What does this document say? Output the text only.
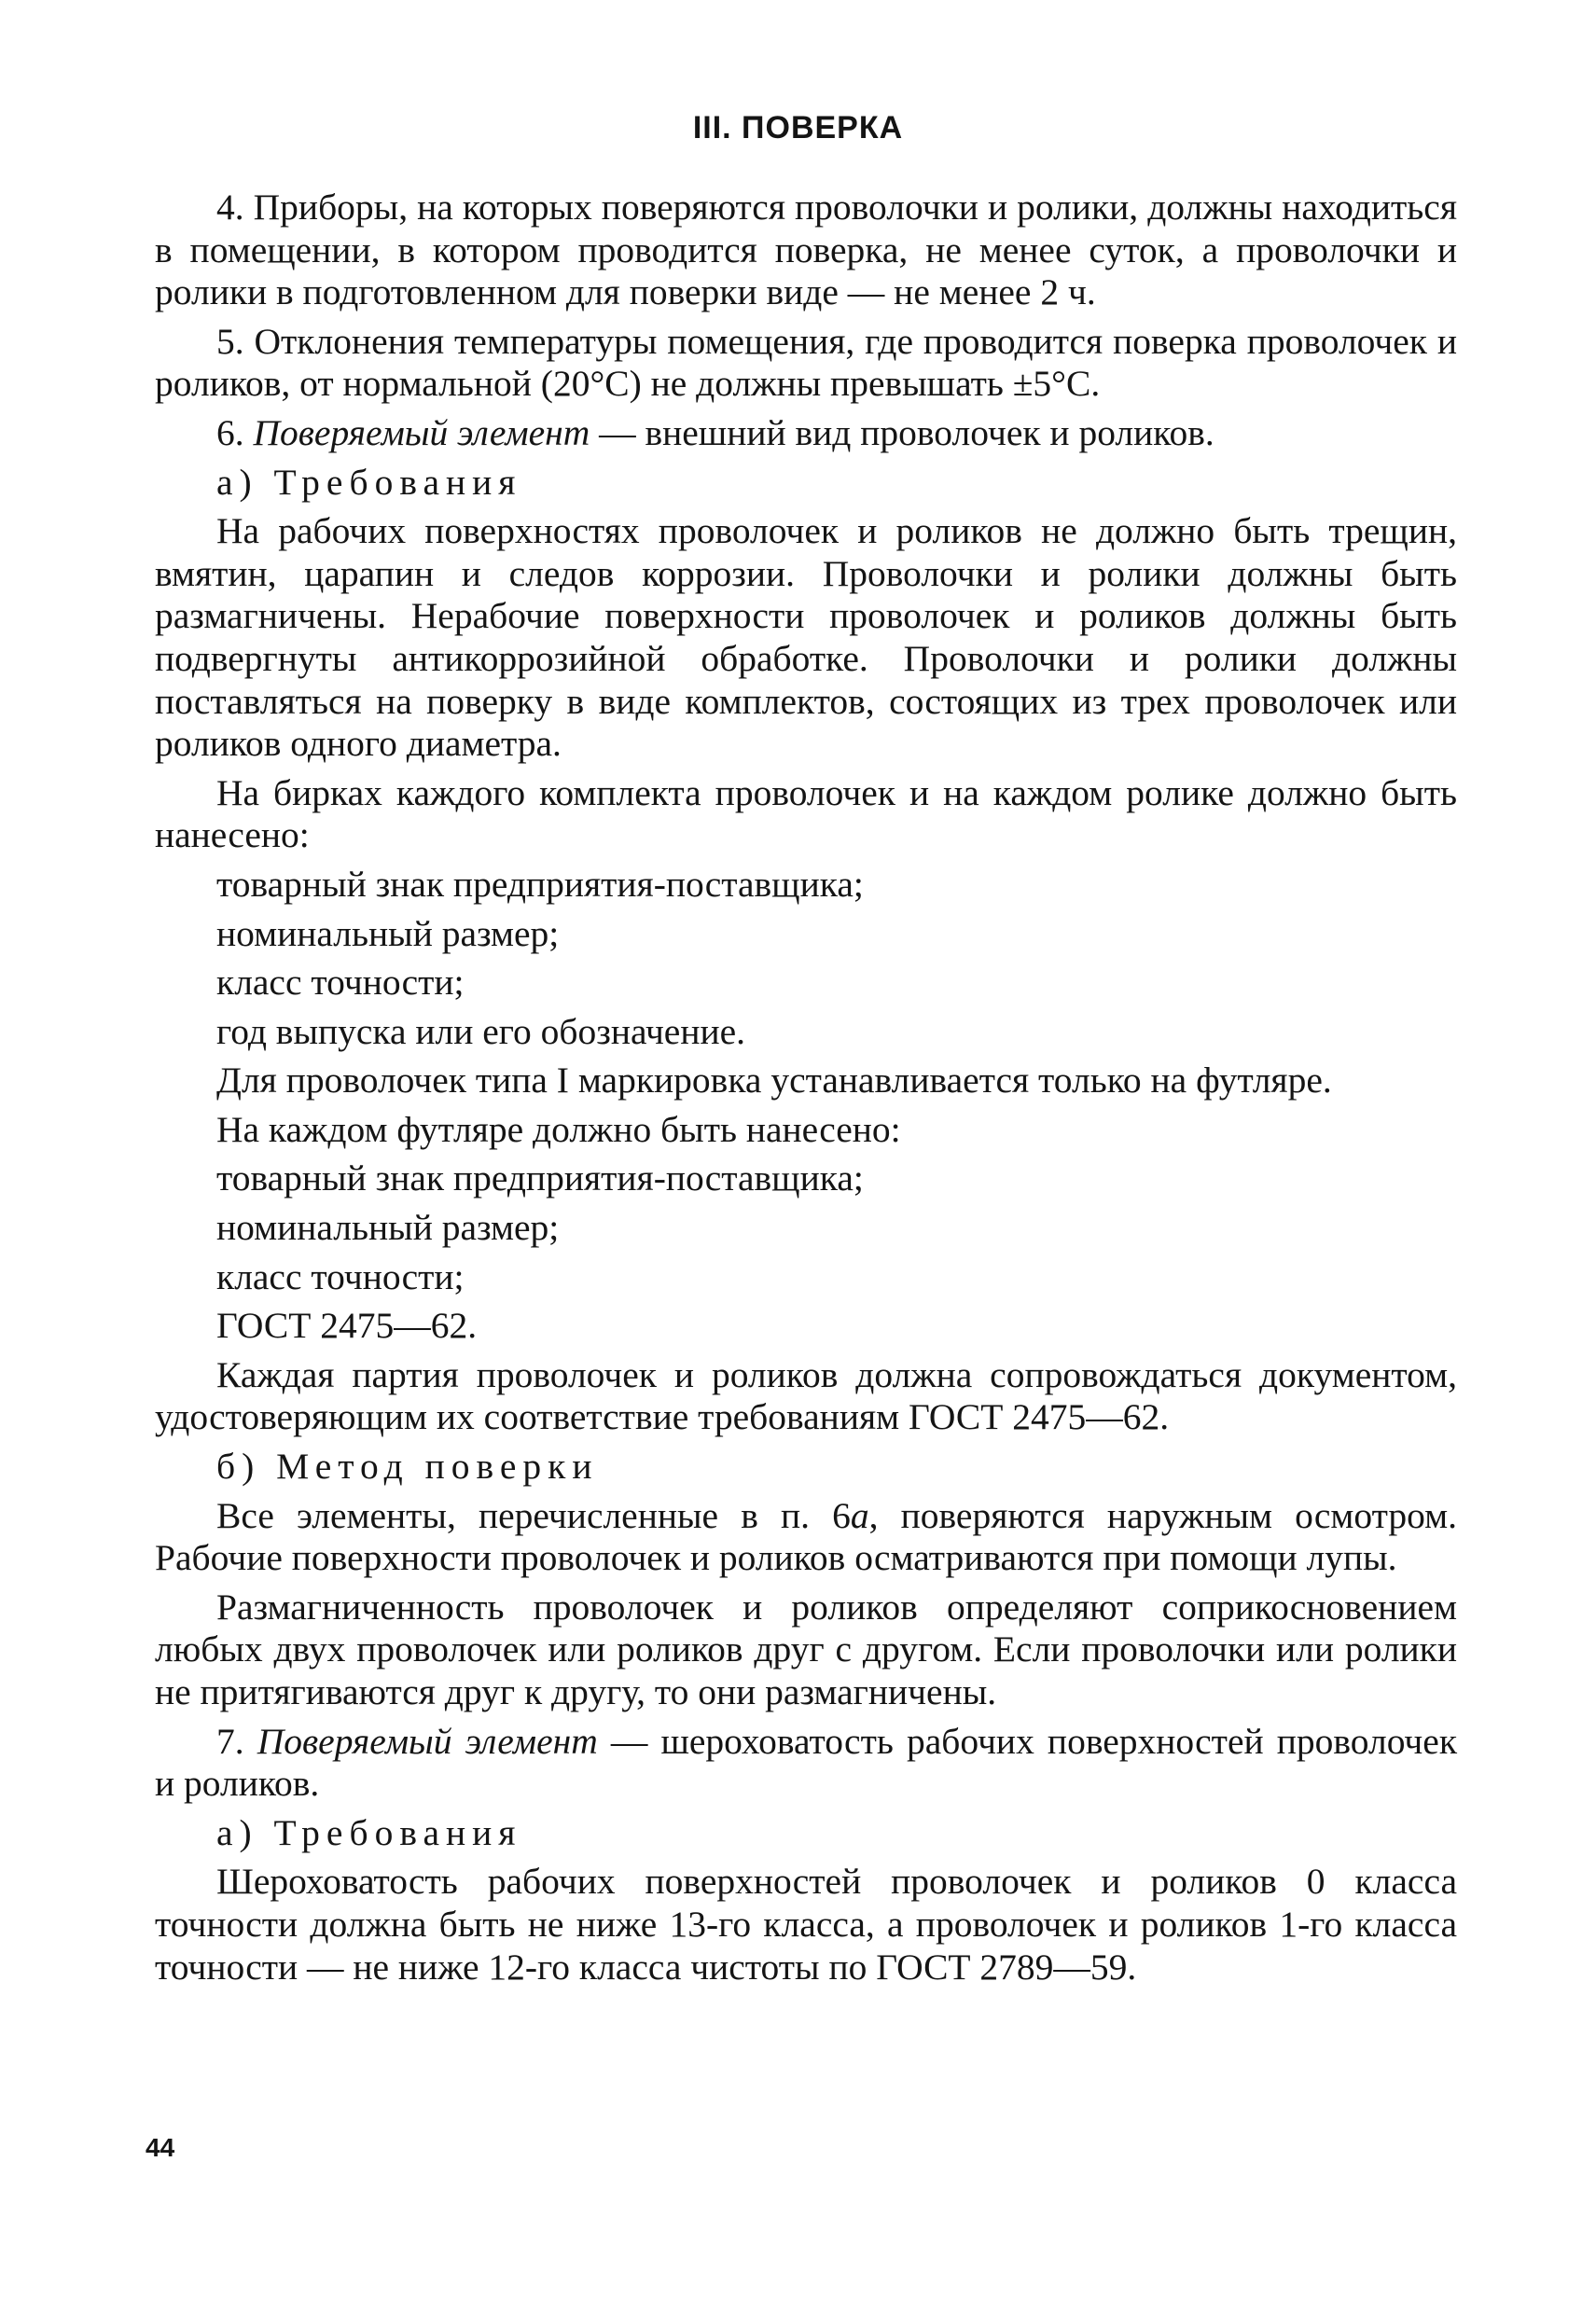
III. ПОВЕРКА

4. Приборы, на которых поверяются проволочки и ролики, должны находиться в помещении, в котором проводится поверка, не менее суток, а проволочки и ролики в подготовленном для поверки виде — не менее 2 ч.

5. Отклонения температуры помещения, где проводится поверка проволочек и роликов, от нормальной (20°С) не должны превышать ±5°С.

6. Поверяемый элемент — внешний вид проволочек и роликов.

а) Требования

На рабочих поверхностях проволочек и роликов не должно быть трещин, вмятин, царапин и следов коррозии. Проволочки и ролики должны быть размагничены. Нерабочие поверхности проволочек и роликов должны быть подвергнуты антикоррозийной обработке. Проволочки и ролики должны поставляться на поверку в виде комплектов, состоящих из трех проволочек или роликов одного диаметра.

На бирках каждого комплекта проволочек и на каждом ролике должно быть нанесено:

товарный знак предприятия-поставщика;
номинальный размер;
класс точности;
год выпуска или его обозначение.

Для проволочек типа I маркировка устанавливается только на футляре.

На каждом футляре должно быть нанесено:

товарный знак предприятия-поставщика;
номинальный размер;
класс точности;
ГОСТ 2475—62.

Каждая партия проволочек и роликов должна сопровождаться документом, удостоверяющим их соответствие требованиям ГОСТ 2475—62.

б) Метод поверки

Все элементы, перечисленные в п. 6а, поверяются наружным осмотром. Рабочие поверхности проволочек и роликов осматриваются при помощи лупы.

Размагниченность проволочек и роликов определяют соприкосновением любых двух проволочек или роликов друг с другом. Если проволочки или ролики не притягиваются друг к другу, то они размагничены.

7. Поверяемый элемент — шероховатость рабочих поверхностей проволочек и роликов.

а) Требования

Шероховатость рабочих поверхностей проволочек и роликов 0 класса точности должна быть не ниже 13-го класса, а проволочек и роликов 1-го класса точности — не ниже 12-го класса чистоты по ГОСТ 2789—59.

44
